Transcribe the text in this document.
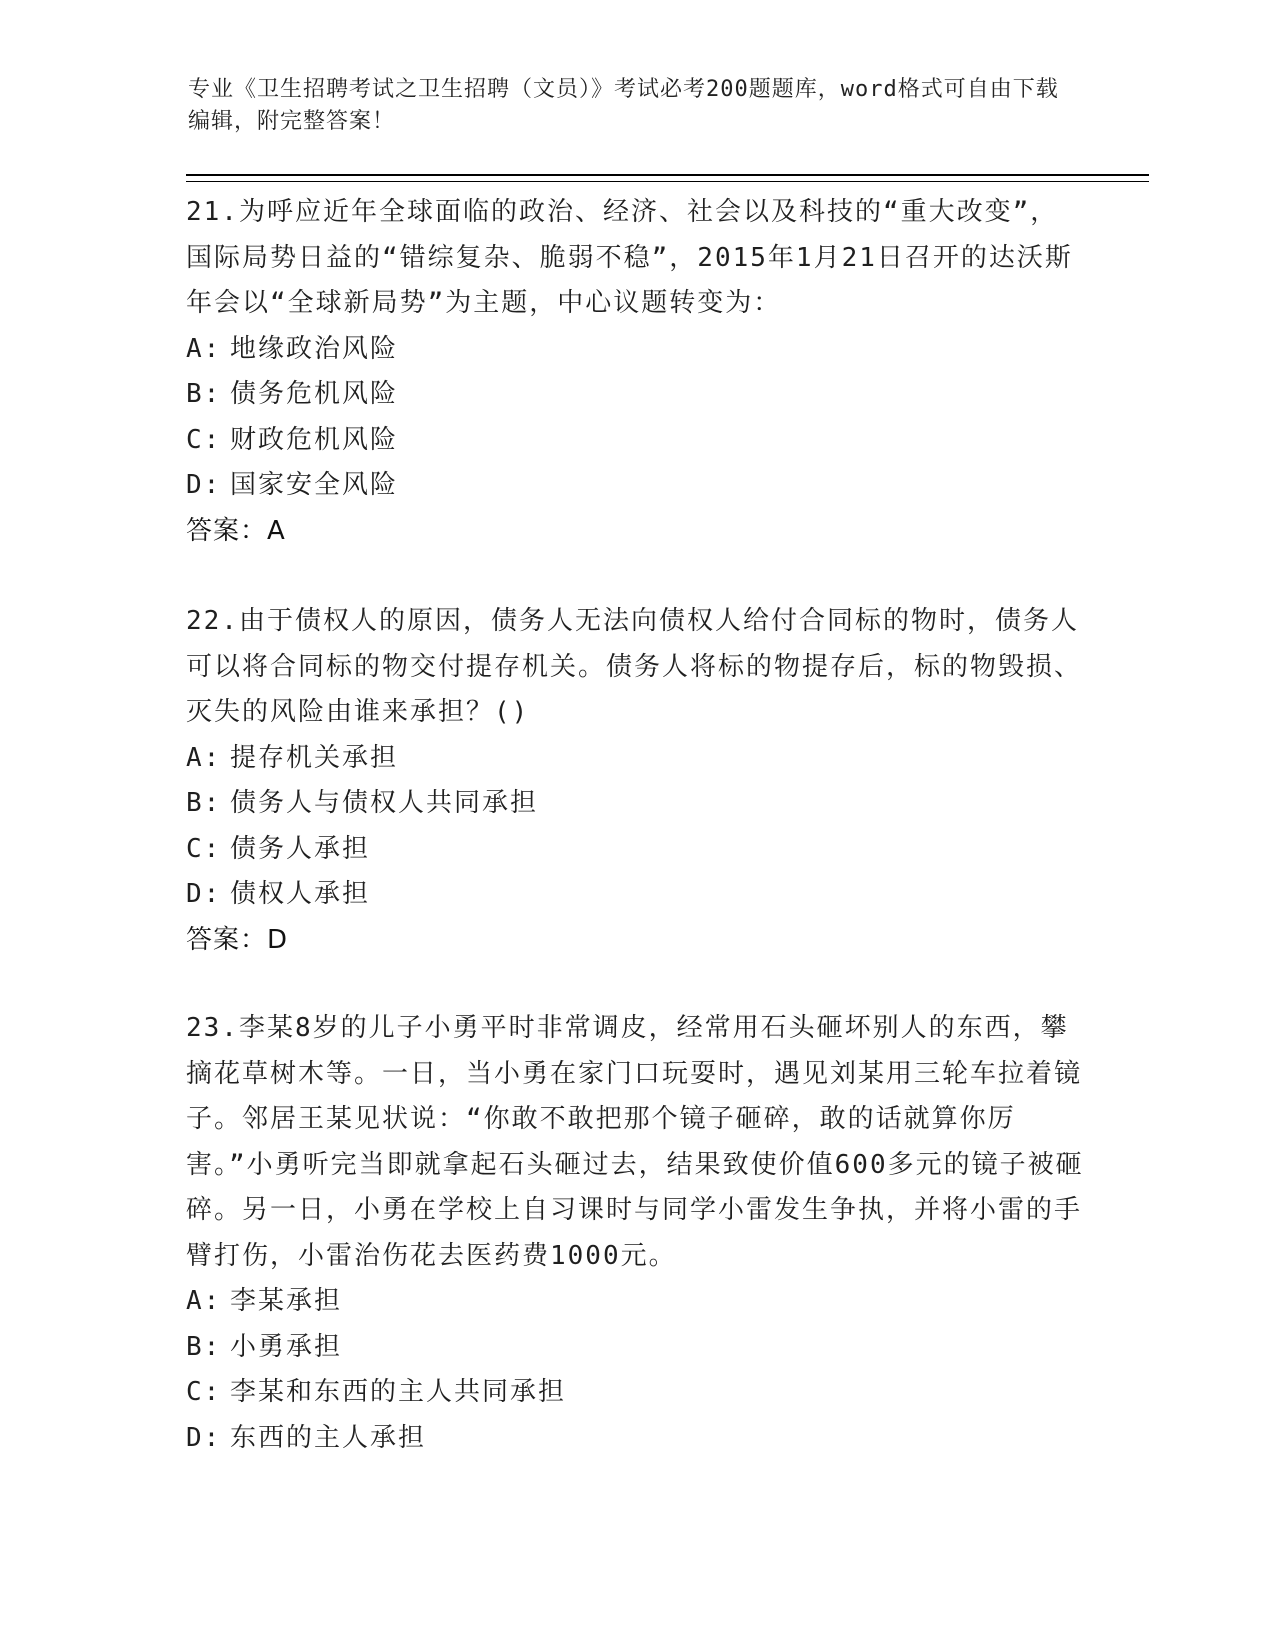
专业《卫生招聘考试之卫生招聘（文员）》考试必考200题题库，word格式可自由下载编辑，附完整答案！

21.为呼应近年全球面临的政治、经济、社会以及科技的“重大改变”，国际局势日益的“错综复杂、脆弱不稳”，2015年1月21日召开的达沃斯年会以“全球新局势”为主题，中心议题转变为：

A: 地缘政治风险

B: 债务危机风险

C: 财政危机风险

D: 国家安全风险

答案：A

22.由于债权人的原因，债务人无法向债权人给付合同标的物时，债务人可以将合同标的物交付提存机关。债务人将标的物提存后，标的物毁损、灭失的风险由谁来承担？()

A: 提存机关承担

B: 债务人与债权人共同承担

C: 债务人承担

D: 债权人承担

答案：D

23.李某8岁的儿子小勇平时非常调皮，经常用石头砸坏别人的东西，攀摘花草树木等。一日，当小勇在家门口玩耍时，遇见刘某用三轮车拉着镜子。邻居王某见状说：“你敢不敢把那个镜子砸碎，敢的话就算你厉害。”小勇听完当即就拿起石头砸过去，结果致使价值600多元的镜子被砸碎。另一日，小勇在学校上自习课时与同学小雷发生争执，并将小雷的手臂打伤，小雷治伤花去医药费1000元。

A: 李某承担

B: 小勇承担

C: 李某和东西的主人共同承担

D: 东西的主人承担
